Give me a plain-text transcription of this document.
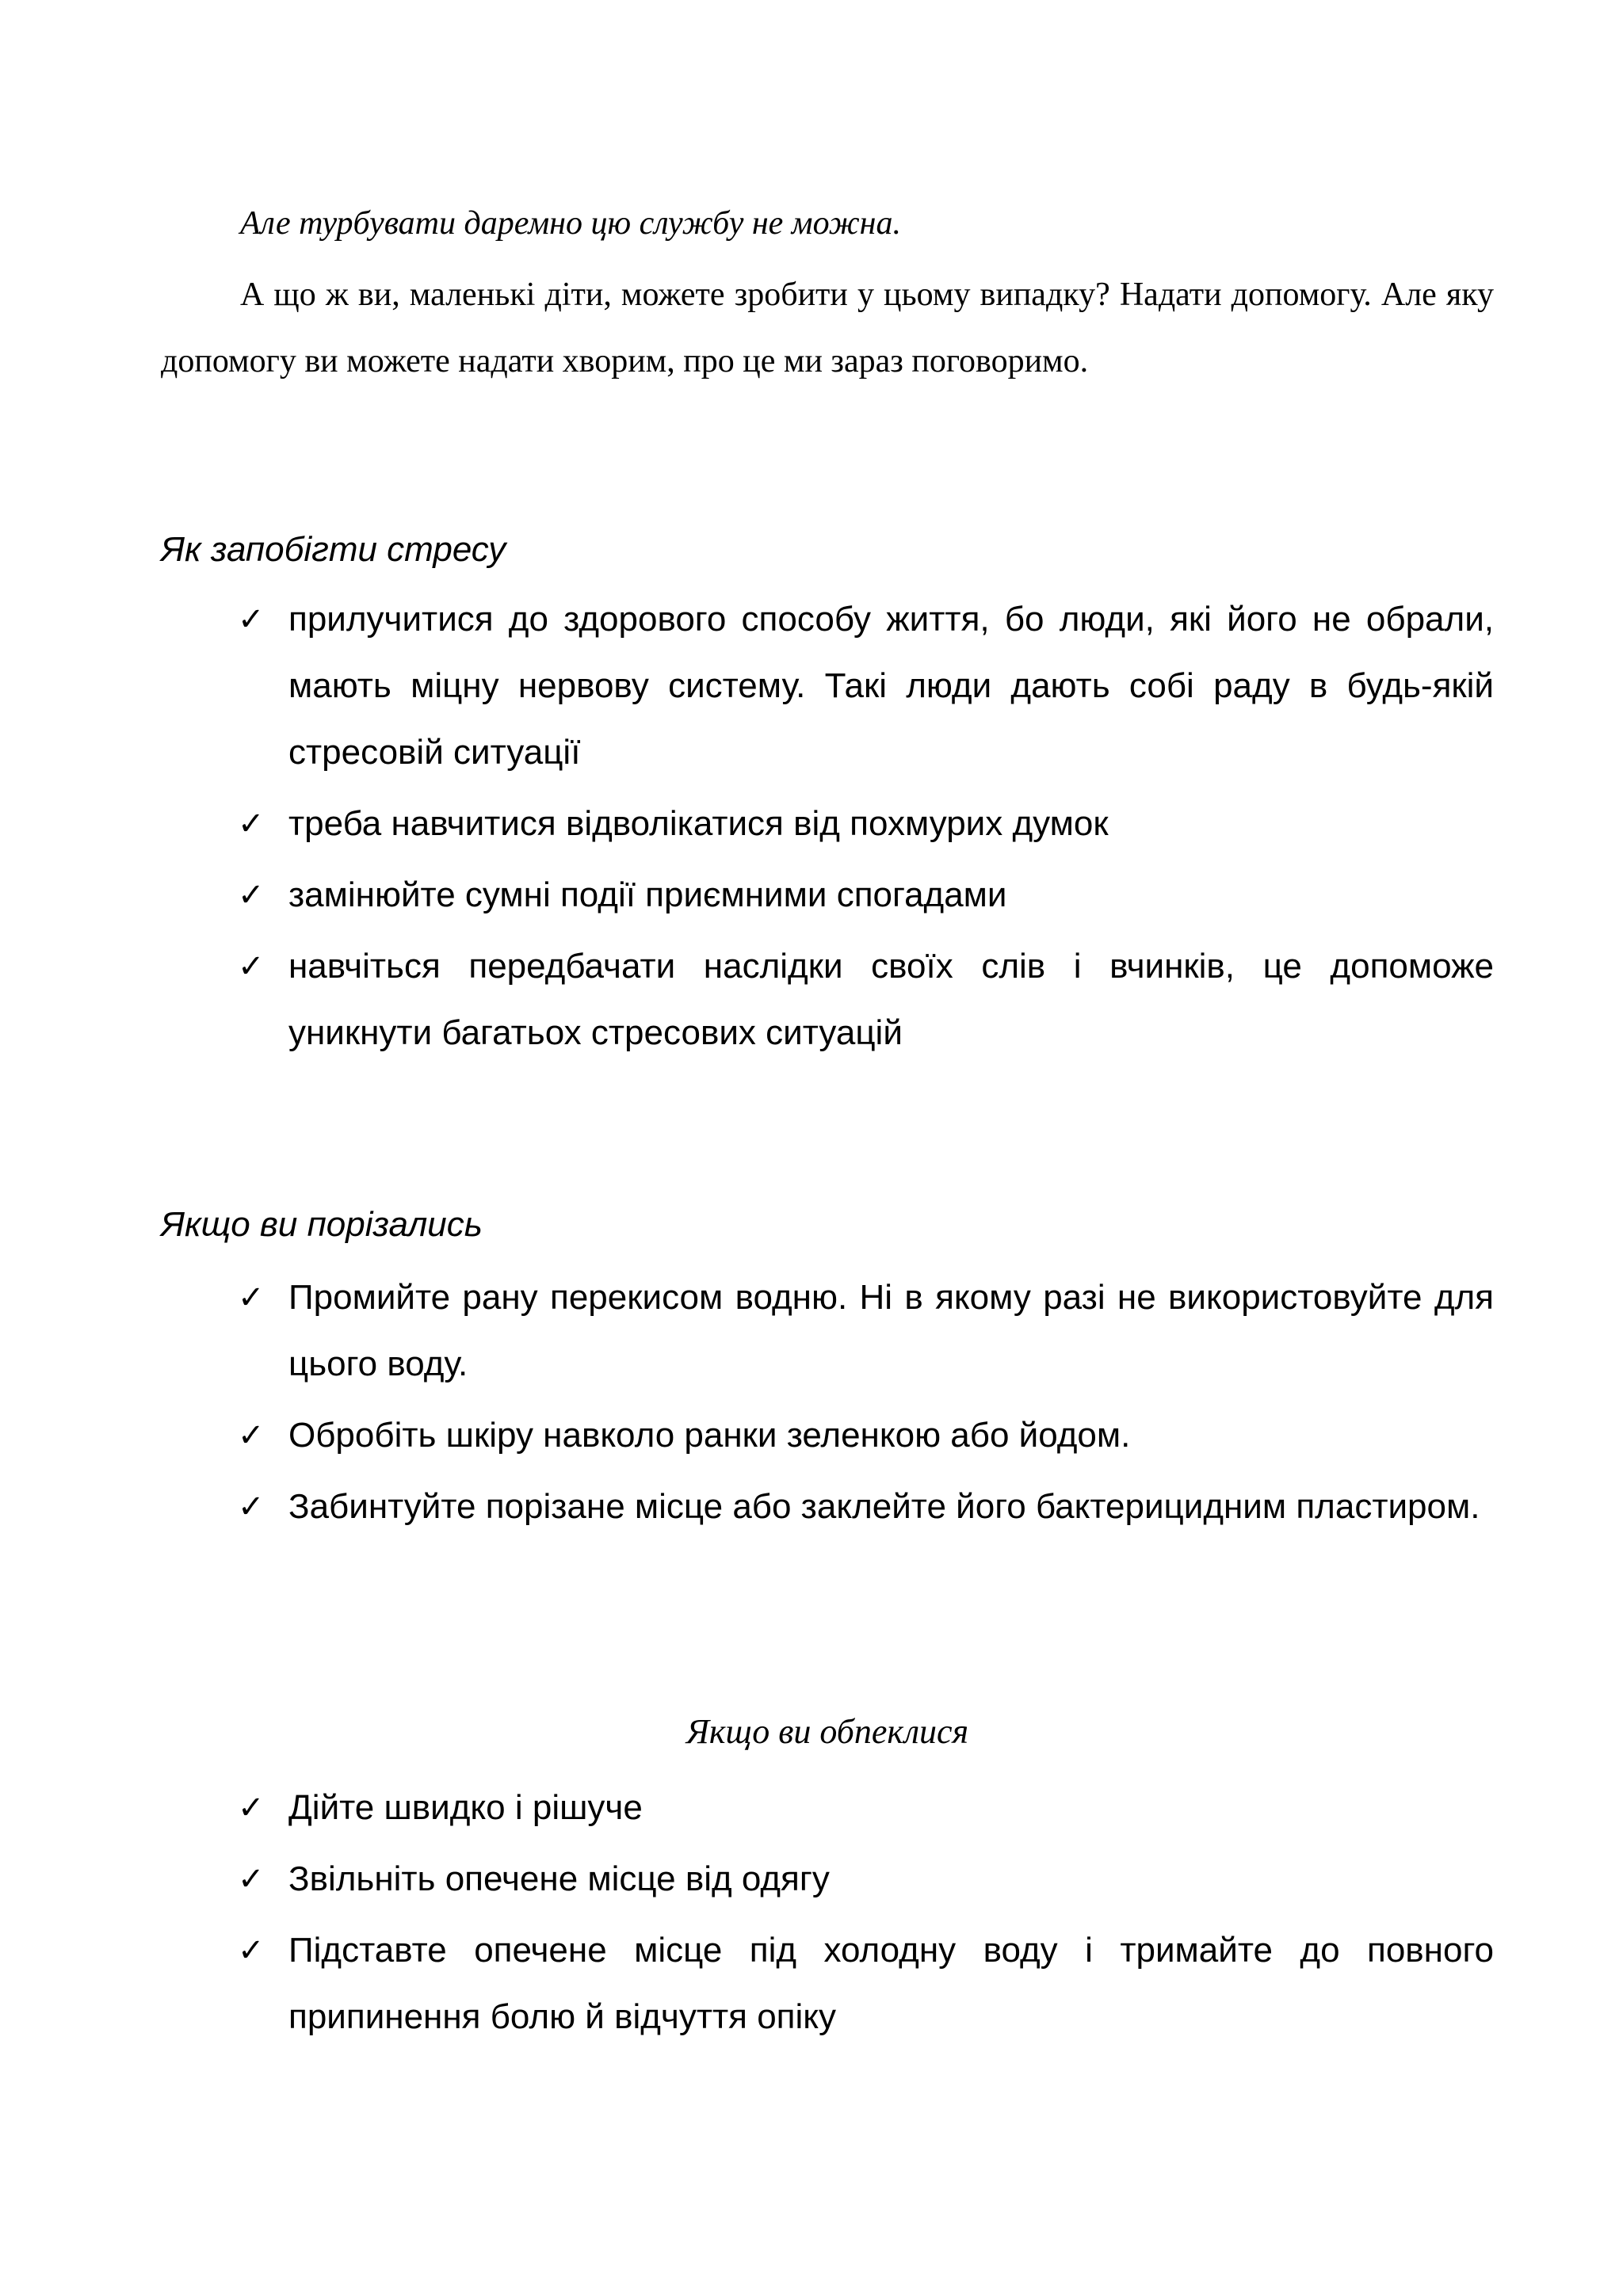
Але турбувати даремно цю службу не можна.
А що ж ви, маленькі діти, можете зробити у цьому випадку? Надати допомогу. Але яку допомогу ви можете надати хворим, про це ми зараз поговоримо.
Як запобігти стресу
✓ прилучитися до здорового способу життя, бо люди, які його не обрали, мають міцну нервову систему. Такі люди дають собі раду в будь-якій стресовій ситуації
✓ треба навчитися відволікатися від похмурих думок
✓ замінюйте сумні події приємними спогадами
✓ навчіться передбачати наслідки своїх слів і вчинків, це допоможе уникнути багатьох стресових ситуацій
Якщо ви порізались
✓ Промийте рану перекисом водню. Ні в якому разі не використовуйте для цього воду.
✓ Обробіть шкіру навколо ранки зеленкою або йодом.
✓ Забинтуйте порізане місце або заклейте його бактерицидним пластиром.
Якщо ви обпеклися
✓ Дійте швидко і рішуче
✓ Звільніть опечене місце від одягу
✓ Підставте опечене місце під холодну воду і тримайте до повного припинення болю й відчуття опіку
